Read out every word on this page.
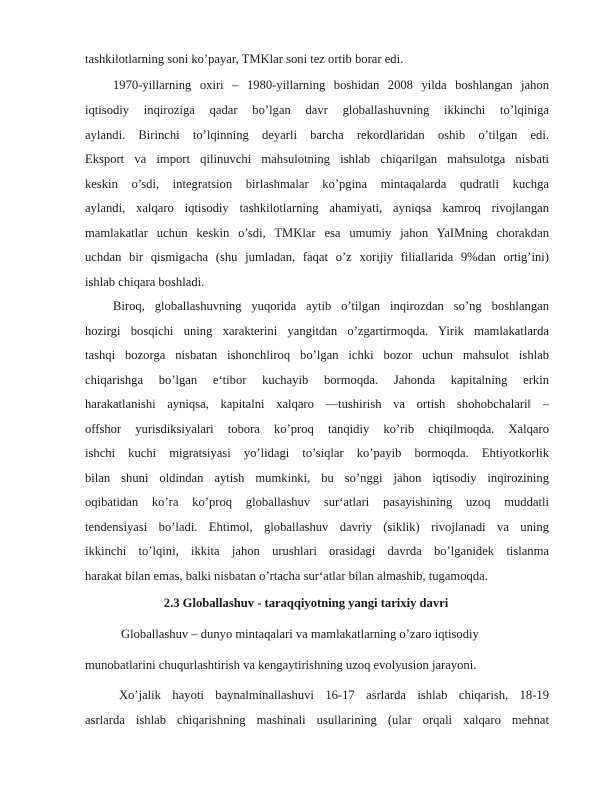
tashkilotlarning soni ko’payar, TMKlar soni tez ortib borar edi.
1970-yillarning oxiri – 1980-yillarning boshidan 2008 yilda boshlangan jahon
iqtisodiy inqiroziga qadar bo’lgan davr globallashuvning ikkinchi to’lqiniga
aylandi. Birinchi to’lqinning deyarli barcha rekordlaridan oshib o’tilgan edi.
Eksport va import qilinuvchi mahsulotning ishlab chiqarilgan mahsulotga nisbati
keskin o’sdi, integratsion birlashmalar ko’pgina mintaqalarda qudratli kuchga
aylandi, xalqaro iqtisodiy tashkilotlarning ahamiyati, ayniqsa kamroq rivojlangan
mamlakatlar uchun keskin o’sdi, TMKlar esa umumiy jahon YaIMning chorakdan
uchdan bir qismigacha (shu jumladan, faqat o’z xorijiy filiallarida 9%dan ortig’ini)
ishlab chiqara boshladi.
Biroq, globallashuvning yuqorida aytib o’tilgan inqirozdan so’ng boshlangan
hozirgi bosqichi uning xarakterini yangitdan o’zgartirmoqda. Yirik mamlakatlarda
tashqi bozorga nisbatan ishonchliroq bo’lgan ichki bozor uchun mahsulot ishlab
chiqarishga bo’lgan e‘tibor kuchayib bormoqda. Jahonda kapitalning erkin
harakatlanishi ayniqsa, kapitalni xalqaro ―tushirish va ortish shohobchalari‖ –
offshor yurisdiksiyalari tobora ko’proq tanqidiy ko’rib chiqilmoqda. Xalqaro
ishchi kuchi migratsiyasi yo’lidagi to’siqlar ko’payib bormoqda. Ehtiyotkorlik
bilan shuni oldindan aytish mumkinki, bu so’nggi jahon iqtisodiy inqirozining
oqibatidan ko’ra ko’proq globallashuv sur‘atlari pasayishining uzoq muddatli
tendensiyasi bo’ladi. Ehtimol, globallashuv davriy (siklik) rivojlanadi va uning
ikkinchi to’lqini, ikkita jahon urushlari orasidagi davrda bo’lganidek tislanma
harakat bilan emas, balki nisbatan o’rtacha sur‘atlar bilan almashib, tugamoqda.
2.3 Globallashuv - taraqqiyotning yangi tarixiy davri
Globallashuv – dunyo mintaqalari va mamlakatlarning o’zaro iqtisodiy
munobatlarini chuqurlashtirish va kengaytirishning uzoq evolyusion jarayoni.
Xo’jalik hayoti baynalminallashuvi 16-17 asrlarda ishlab chiqarish, 18-19
asrlarda ishlab chiqarishning mashinali usullarining (ular orqali xalqaro mehnat
